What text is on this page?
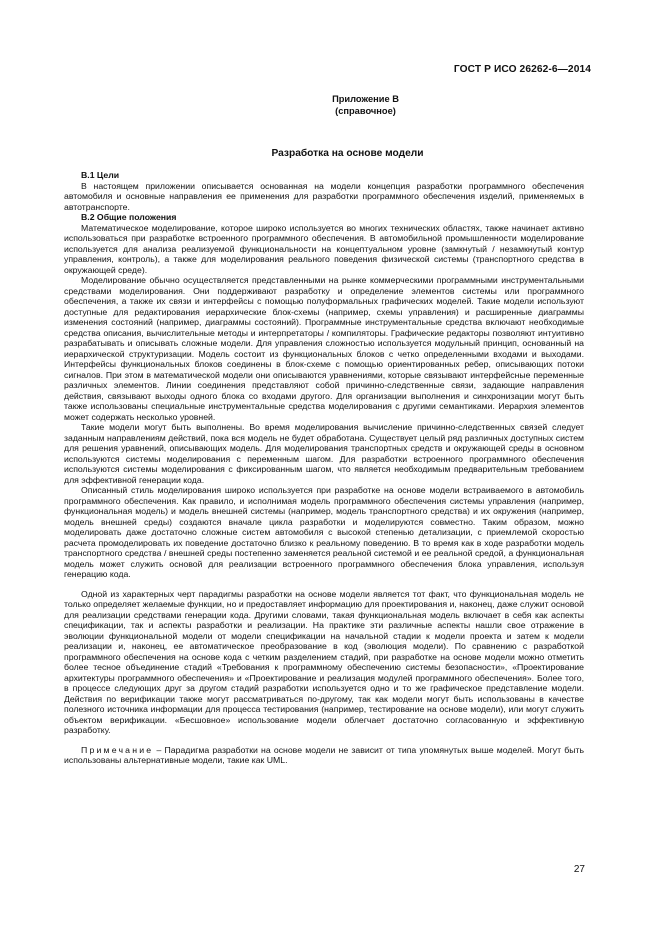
ГОСТ Р ИСО 26262-6—2014
Приложение В
(справочное)
Разработка на основе модели
В.1 Цели

В настоящем приложении описывается основанная на модели концепция разработки программного обеспечения автомобиля и основные направления ее применения для разработки программного обеспечения изделий, применяемых в автотранспорте.

В.2 Общие положения

Математическое моделирование, которое широко используется во многих технических областях, также начинает активно использоваться при разработке встроенного программного обеспечения. В автомобильной промышленности моделирование используется для анализа реализуемой функциональности на концептуальном уровне (замкнутый / незамкнутый контур управления, контроль), а также для моделирования реального поведения физической системы (транспортного средства в окружающей среде).

Моделирование обычно осуществляется представленными на рынке коммерческими программными инструментальными средствами моделирования. Они поддерживают разработку и определение элементов системы или программного обеспечения, а также их связи и интерфейсы с помощью полуформальных графических моделей. Такие модели используют доступные для редактирования иерархические блок-схемы (например, схемы управления) и расширенные диаграммы изменения состояний (например, диаграммы состояний). Программные инструментальные средства включают необходимые средства описания, вычислительные методы и интерпретаторы / компиляторы. Графические редакторы позволяют интуитивно разрабатывать и описывать сложные модели. Для управления сложностью используется модульный принцип, основанный на иерархической структуризации. Модель состоит из функциональных блоков с четко определенными входами и выходами. Интерфейсы функциональных блоков соединены в блок-схеме с помощью ориентированных ребер, описывающих потоки сигналов. При этом в математической модели они описываются уравнениями, которые связывают интерфейсные переменные различных элементов. Линии соединения представляют собой причинно-следственные связи, задающие направления действия, связывают выходы одного блока со входами другого. Для организации выполнения и синхронизации могут быть также использованы специальные инструментальные средства моделирования с другими семантиками. Иерархия элементов может содержать несколько уровней.

Такие модели могут быть выполнены. Во время моделирования вычисление причинно-следственных связей следует заданным направлениям действий, пока вся модель не будет обработана. Существует целый ряд различных доступных систем для решения уравнений, описывающих модель. Для моделирования транспортных средств и окружающей среды в основном используются системы моделирования с переменным шагом. Для разработки встроенного программного обеспечения используются системы моделирования с фиксированным шагом, что является необходимым предварительным требованием для эффективной генерации кода.

Описанный стиль моделирования широко используется при разработке на основе модели встраиваемого в автомобиль программного обеспечения. Как правило, и исполнимая модель программного обеспечения системы управления (например, функциональная модель) и модель внешней системы (например, модель транспортного средства) и их окружения (например, модель внешней среды) создаются вначале цикла разработки и моделируются совместно. Таким образом, можно моделировать даже достаточно сложные систем автомобиля с высокой степенью детализации, с приемлемой скоростью расчета промоделировать их поведение достаточно близко к реальному поведению. В то время как в ходе разработки модель транспортного средства / внешней среды постепенно заменяется реальной системой и ее реальной средой, а функциональная модель может служить основой для реализации встроенного программного обеспечения блока управления, используя генерацию кода.

Одной из характерных черт парадигмы разработки на основе модели является тот факт, что функциональная модель не только определяет желаемые функции, но и предоставляет информацию для проектирования и, наконец, даже служит основой для реализации средствами генерации кода. Другими словами, такая функциональная модель включает в себя как аспекты спецификации, так и аспекты разработки и реализации. На практике эти различные аспекты нашли свое отражение в эволюции функциональной модели от модели спецификации на начальной стадии к модели проекта и затем к модели реализации и, наконец, ее автоматическое преобразование в код (эволюция модели). По сравнению с разработкой программного обеспечения на основе кода с четким разделением стадий, при разработке на основе модели можно отметить более тесное объединение стадий «Требования к программному обеспечению системы безопасности», «Проектирование архитектуры программного обеспечения» и «Проектирование и реализация модулей программного обеспечения». Более того, в процессе следующих друг за другом стадий разработки используется одно и то же графическое представление модели. Действия по верификации также могут рассматриваться по-другому, так как модели могут быть использованы в качестве полезного источника информации для процесса тестирования (например, тестирование на основе модели), или могут служить объектом верификации. «Бесшовное» использование модели облегчает достаточно согласованную и эффективную разработку.

Примечание – Парадигма разработки на основе модели не зависит от типа упомянутых выше моделей. Могут быть использованы альтернативные модели, такие как UML.

27
